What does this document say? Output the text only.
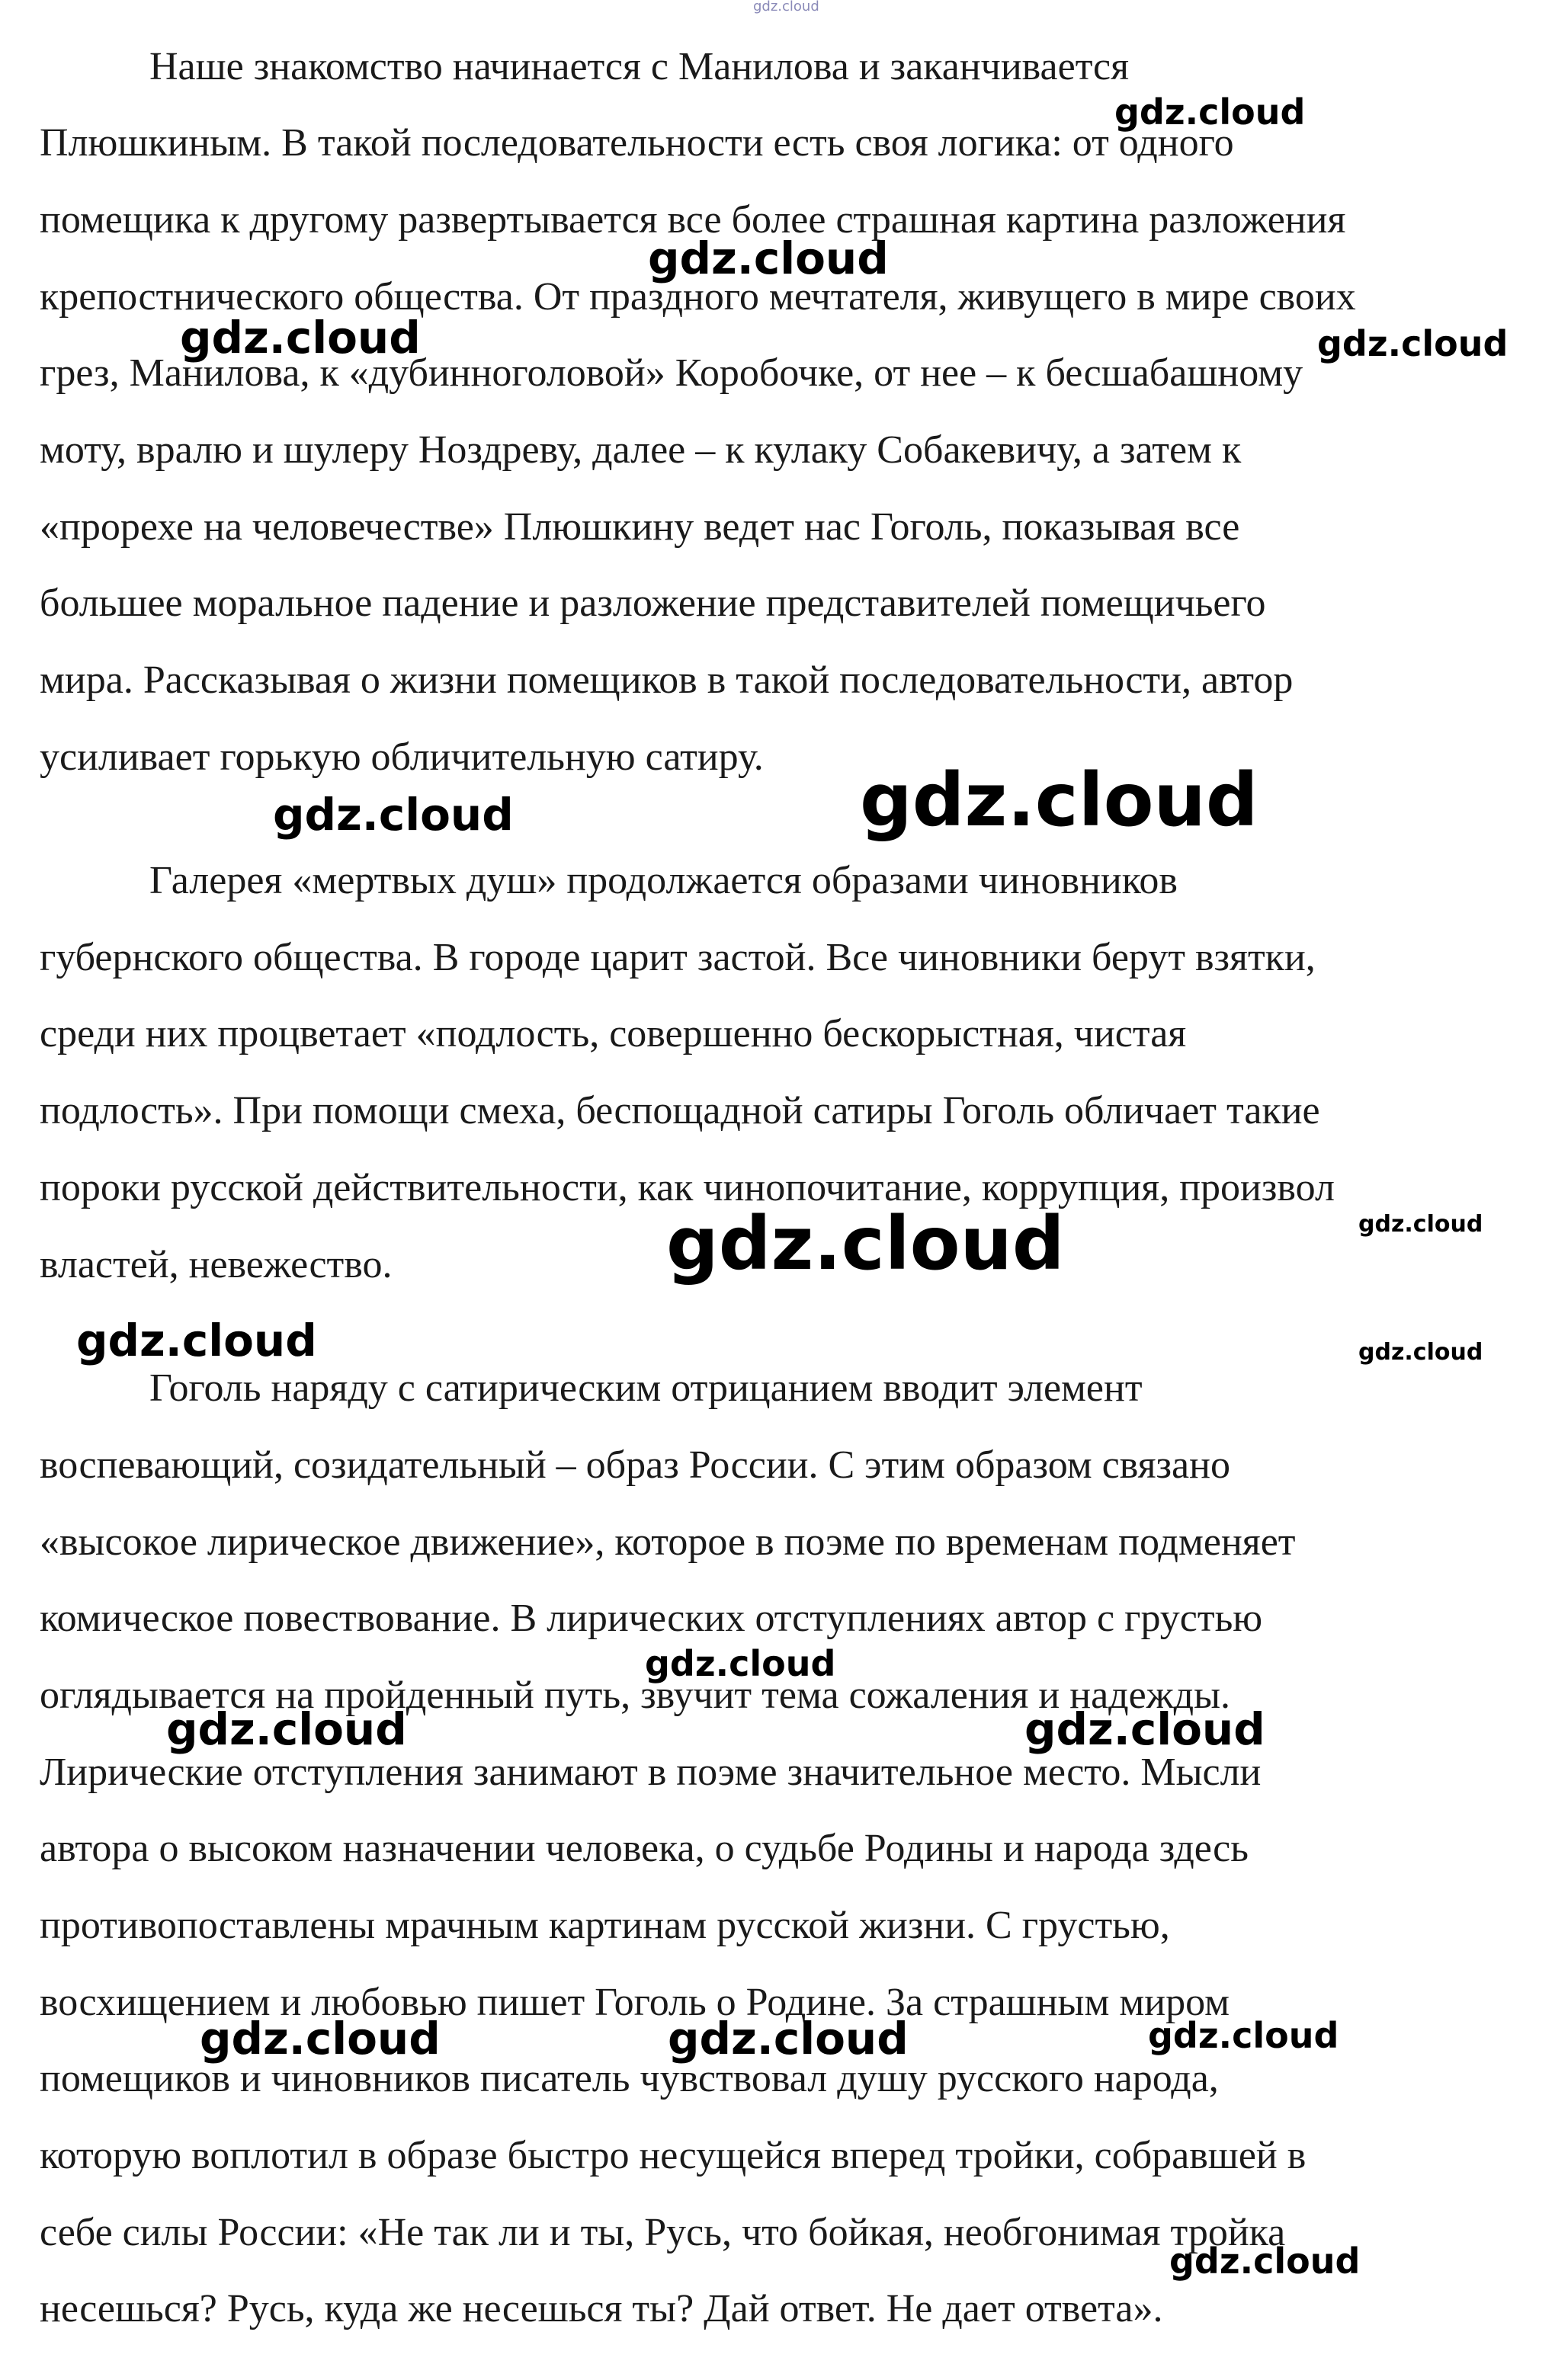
Наше знакомство начинается с Манилова и заканчивается
Плюшкиным. В такой последовательности есть своя логика: от одного
помещика к другому развертывается все более страшная картина разложения
крепостнического общества. От праздного мечтателя, живущего в мире своих
грез, Манилова, к «дубинноголовой» Коробочке, от нее – к бесшабашному
моту, вралю и шулеру Ноздреву, далее – к кулаку Собакевичу, а затем к
«прорехе на человечестве» Плюшкину ведет нас Гоголь, показывая все
большее моральное падение и разложение представителей помещичьего
мира. Рассказывая о жизни помещиков в такой последовательности, автор
усиливает горькую обличительную сатиру.
Галерея «мертвых душ» продолжается образами чиновников
губернского общества. В городе царит застой. Все чиновники берут взятки,
среди них процветает «подлость, совершенно бескорыстная, чистая
подлость». При помощи смеха, беспощадной сатиры Гоголь обличает такие
пороки русской действительности, как чинопочитание, коррупция, произвол
властей, невежество.
Гоголь наряду с сатирическим отрицанием вводит элемент
воспевающий, созидательный – образ России. С этим образом связано
«высокое лирическое движение», которое в поэме по временам подменяет
комическое повествование. В лирических отступлениях автор с грустью
оглядывается на пройденный путь, звучит тема сожаления и надежды.
Лирические отступления занимают в поэме значительное место. Мысли
автора о высоком назначении человека, о судьбе Родины и народа здесь
противопоставлены мрачным картинам русской жизни. С грустью,
восхищением и любовью пишет Гоголь о Родине. За страшным миром
помещиков и чиновников писатель чувствовал душу русского народа,
которую воплотил в образе быстро несущейся вперед тройки, собравшей в
себе силы России: «Не так ли и ты, Русь, что бойкая, необгонимая тройка
несешься? Русь, куда же несешься ты? Дай ответ. Не дает ответа».
gdz.cloud
gdz.cloud
gdz.cloud
gdz.cloud	gdz.cloud
gdz.cloud	gdz.cloud
gdz.cloud	gdz.cloud
gdz.cloud	gdz.cloud
gdz.cloud
gdz.cloud	gdz.cloud
gdz.cloud	gdz.cloud	gdz.cloud
gdz.cloud
